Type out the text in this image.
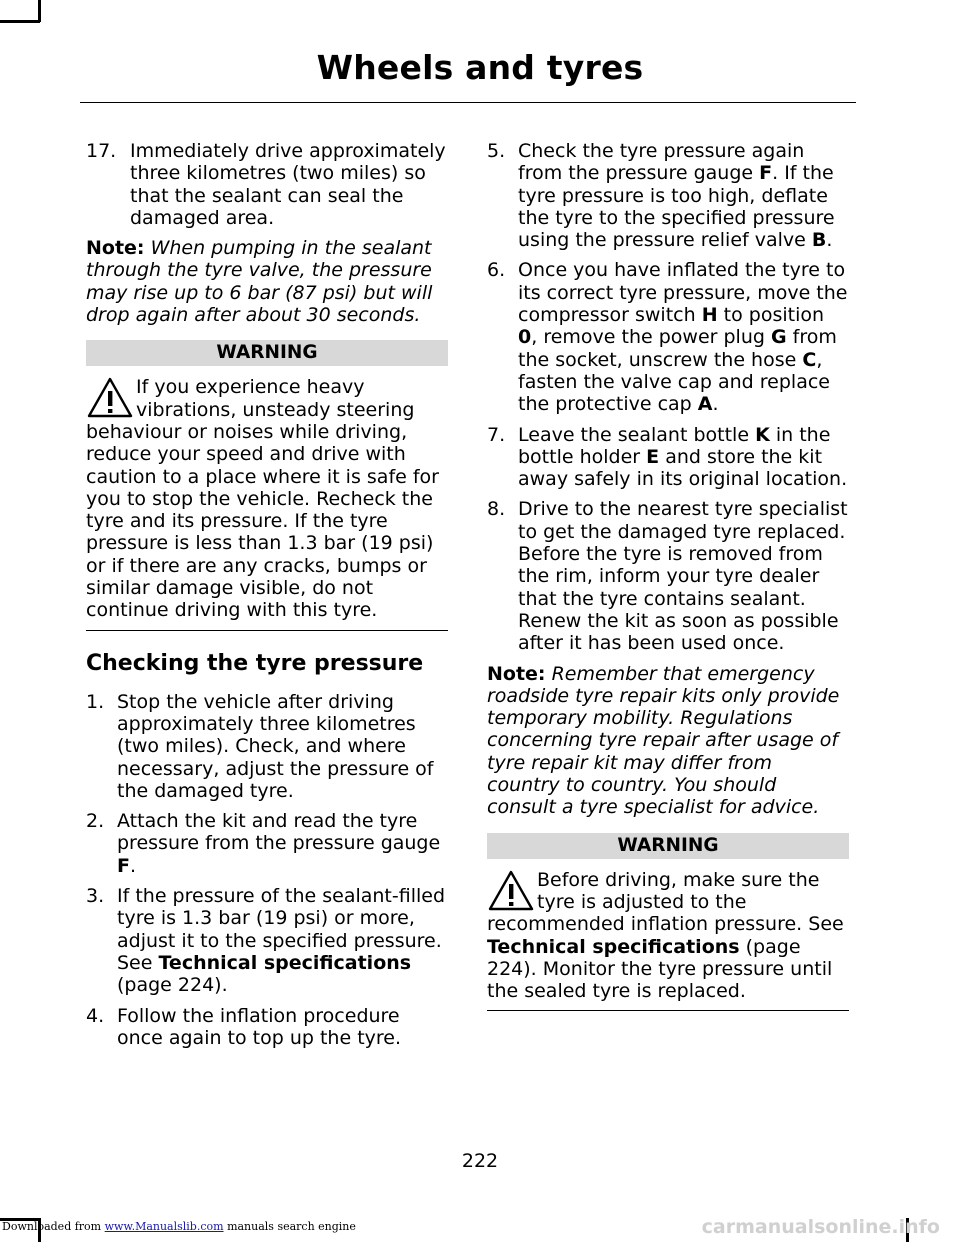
Wheels and tyres
17. Immediately drive approximately three kilometres (two miles) so that the sealant can seal the damaged area.
Note: When pumping in the sealant through the tyre valve, the pressure may rise up to 6 bar (87 psi) but will drop again after about 30 seconds.
WARNING
If you experience heavy vibrations, unsteady steering behaviour or noises while driving, reduce your speed and drive with caution to a place where it is safe for you to stop the vehicle. Recheck the tyre and its pressure. If the tyre pressure is less than 1.3 bar (19 psi) or if there are any cracks, bumps or similar damage visible, do not continue driving with this tyre.
Checking the tyre pressure
1. Stop the vehicle after driving approximately three kilometres (two miles). Check, and where necessary, adjust the pressure of the damaged tyre.
2. Attach the kit and read the tyre pressure from the pressure gauge F.
3. If the pressure of the sealant-filled tyre is 1.3 bar (19 psi) or more, adjust it to the specified pressure. See Technical specifications (page 224).
4. Follow the inflation procedure once again to top up the tyre.
5. Check the tyre pressure again from the pressure gauge F. If the tyre pressure is too high, deflate the tyre to the specified pressure using the pressure relief valve B.
6. Once you have inflated the tyre to its correct tyre pressure, move the compressor switch H to position 0, remove the power plug G from the socket, unscrew the hose C, fasten the valve cap and replace the protective cap A.
7. Leave the sealant bottle K in the bottle holder E and store the kit away safely in its original location.
8. Drive to the nearest tyre specialist to get the damaged tyre replaced. Before the tyre is removed from the rim, inform your tyre dealer that the tyre contains sealant. Renew the kit as soon as possible after it has been used once.
Note: Remember that emergency roadside tyre repair kits only provide temporary mobility. Regulations concerning tyre repair after usage of tyre repair kit may differ from country to country. You should consult a tyre specialist for advice.
WARNING
Before driving, make sure the tyre is adjusted to the recommended inflation pressure. See Technical specifications (page 224). Monitor the tyre pressure until the sealed tyre is replaced.
222
Downloaded from www.Manualslib.com manuals search engine	carmanualsonline.info
